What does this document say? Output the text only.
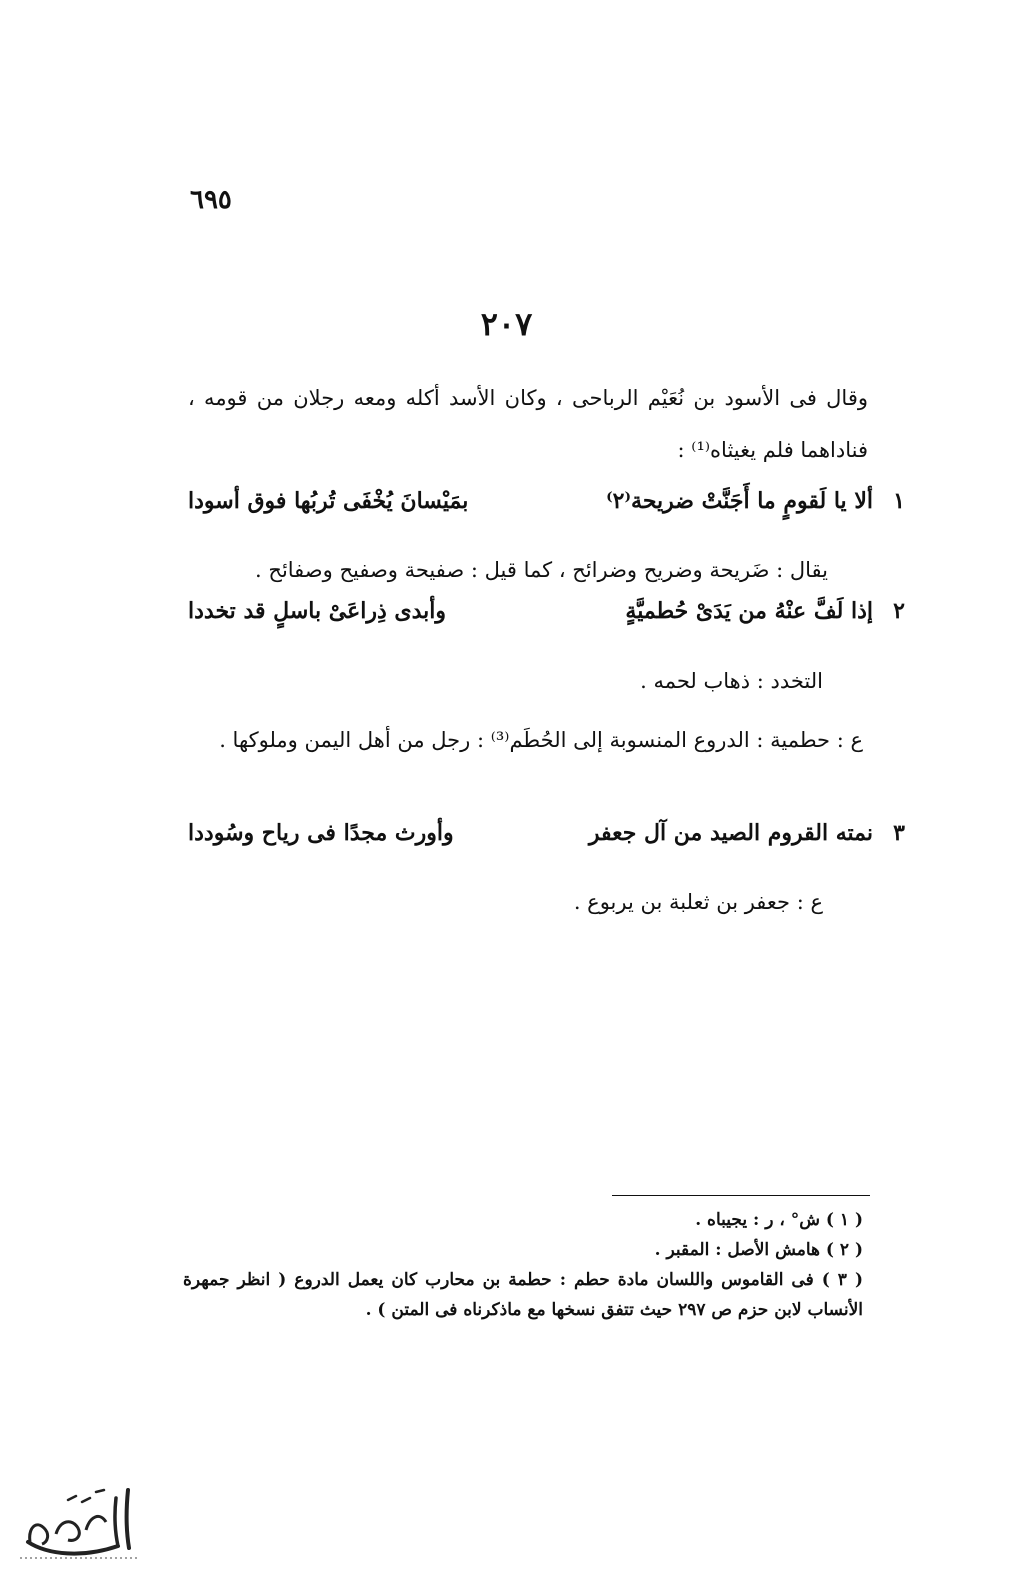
٦٩٥
٢٠٧
وقال فى الأسود بن نُعَيْم الرباحى ، وكان الأسد أكله ومعه رجلان من قومه ، فناداهما فلم يغيثاه⁽¹⁾ :
١
ألا يا لَقومٍ ما أَجَنَّتْ ضريحة⁽٢⁾
بمَيْسانَ يُخْفَى تُربُها فوق أسودا
يقال : ضَريحة وضريح وضرائح ، كما قيل : صفيحة وصفيح وصفائح .
٢
إذا لَفَّ عنْهُ من يَدَىْ حُطميَّةٍ
وأبدى ذِراعَىْ باسلٍ قد تخددا
التخدد : ذهاب لحمه .
ع : حطمية : الدروع المنسوبة إلى الحُطَم⁽³⁾ : رجل من أهل اليمن وملوكها .
٣
نمته القروم الصيد من آل جعفر
وأورث مجدًا فى رياح وسُوددا
ع : جعفر بن ثعلبة بن يربوع .
( ١ ) ش° ، ر : يجيباه .
( ٢ ) هامش الأصل : المقبر .
( ٣ ) فى القاموس واللسان مادة حطم : حطمة بن محارب كان يعمل الدروع ( انظر جمهرة الأنساب لابن حزم ص ٢٩٧ حيث تتفق نسخها مع ماذكرناه فى المتن ) .
